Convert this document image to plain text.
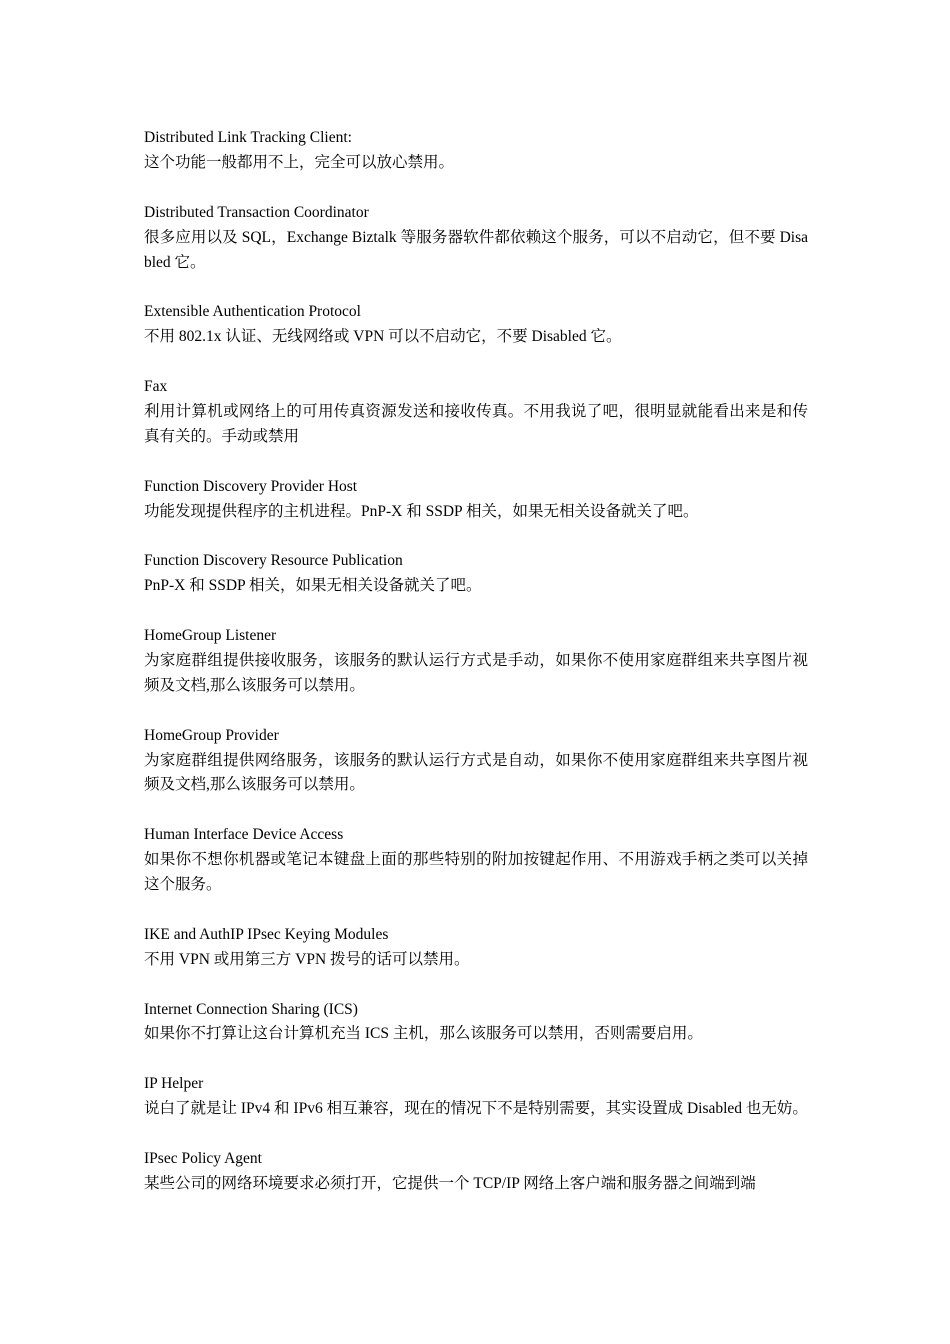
Distributed Link Tracking Client:

这个功能一般都用不上，完全可以放心禁用。

Distributed Transaction Coordinator

很多应用以及 SQL，Exchange Biztalk 等服务器软件都依赖这个服务，可以不启动它，但不要 Disabled 它。

Extensible Authentication Protocol

不用 802.1x 认证、无线网络或 VPN 可以不启动它，不要 Disabled 它。

Fax

利用计算机或网络上的可用传真资源发送和接收传真。不用我说了吧，很明显就能看出来是和传真有关的。手动或禁用

Function Discovery Provider Host

功能发现提供程序的主机进程。PnP-X 和 SSDP 相关，如果无相关设备就关了吧。

Function Discovery Resource Publication

PnP-X 和 SSDP 相关，如果无相关设备就关了吧。

HomeGroup Listener

为家庭群组提供接收服务，该服务的默认运行方式是手动，如果你不使用家庭群组来共享图片视频及文档,那么该服务可以禁用。

HomeGroup Provider

为家庭群组提供网络服务，该服务的默认运行方式是自动，如果你不使用家庭群组来共享图片视频及文档,那么该服务可以禁用。

Human Interface Device Access

如果你不想你机器或笔记本键盘上面的那些特别的附加按键起作用、不用游戏手柄之类可以关掉这个服务。

IKE and AuthIP IPsec Keying Modules

不用 VPN 或用第三方 VPN 拨号的话可以禁用。

Internet Connection Sharing (ICS)

如果你不打算让这台计算机充当 ICS 主机，那么该服务可以禁用，否则需要启用。

IP Helper

说白了就是让 IPv4 和 IPv6 相互兼容，现在的情况下不是特别需要，其实设置成 Disabled 也无妨。

IPsec Policy Agent

某些公司的网络环境要求必须打开，它提供一个 TCP/IP 网络上客户端和服务器之间端到端
